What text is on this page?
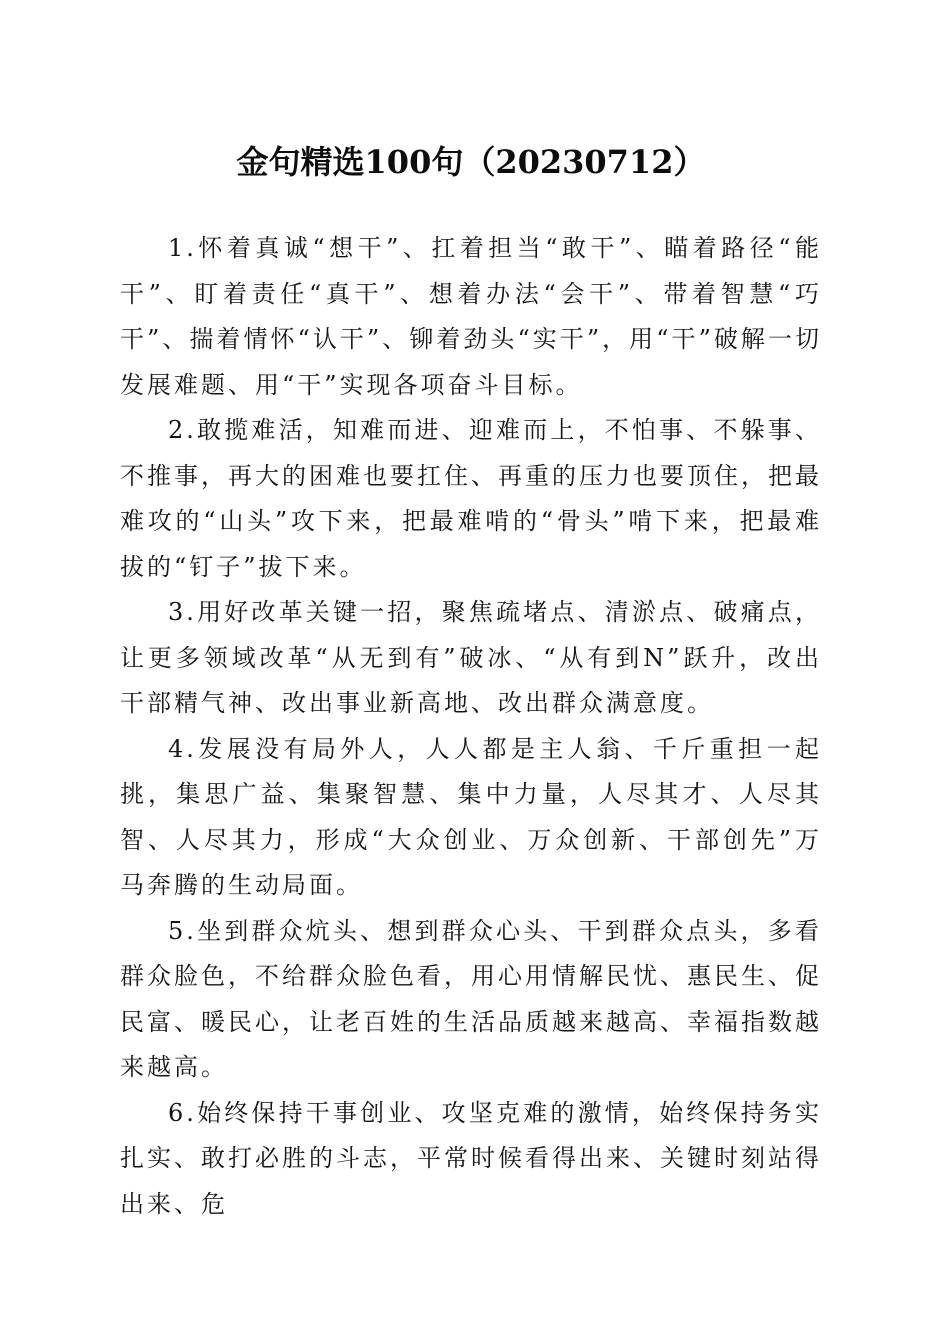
金句精选100句（20230712）

1.怀着真诚“想干”、扛着担当“敢干”、瞄着路径“能干”、盯着责任“真干”、想着办法“会干”、带着智慧“巧干”、揣着情怀“认干”、铆着劲头“实干”，用“干”破解一切发展难题、用“干”实现各项奋斗目标。

2.敢揽难活，知难而进、迎难而上，不怕事、不躲事、不推事，再大的困难也要扛住、再重的压力也要顶住，把最难攻的“山头”攻下来，把最难啃的“骨头”啃下来，把最难拔的“钉子”拔下来。

3.用好改革关键一招，聚焦疏堵点、清淤点、破痛点，让更多领域改革“从无到有”破冰、“从有到N”跃升，改出干部精气神、改出事业新高地、改出群众满意度。

4.发展没有局外人，人人都是主人翁、千斤重担一起挑，集思广益、集聚智慧、集中力量，人尽其才、人尽其智、人尽其力，形成“大众创业、万众创新、干部创先”万马奔腾的生动局面。

5.坐到群众炕头、想到群众心头、干到群众点头，多看群众脸色，不给群众脸色看，用心用情解民忧、惠民生、促民富、暖民心，让老百姓的生活品质越来越高、幸福指数越来越高。

6.始终保持干事创业、攻坚克难的激情，始终保持务实扎实、敢打必胜的斗志，平常时候看得出来、关键时刻站得出来、危
